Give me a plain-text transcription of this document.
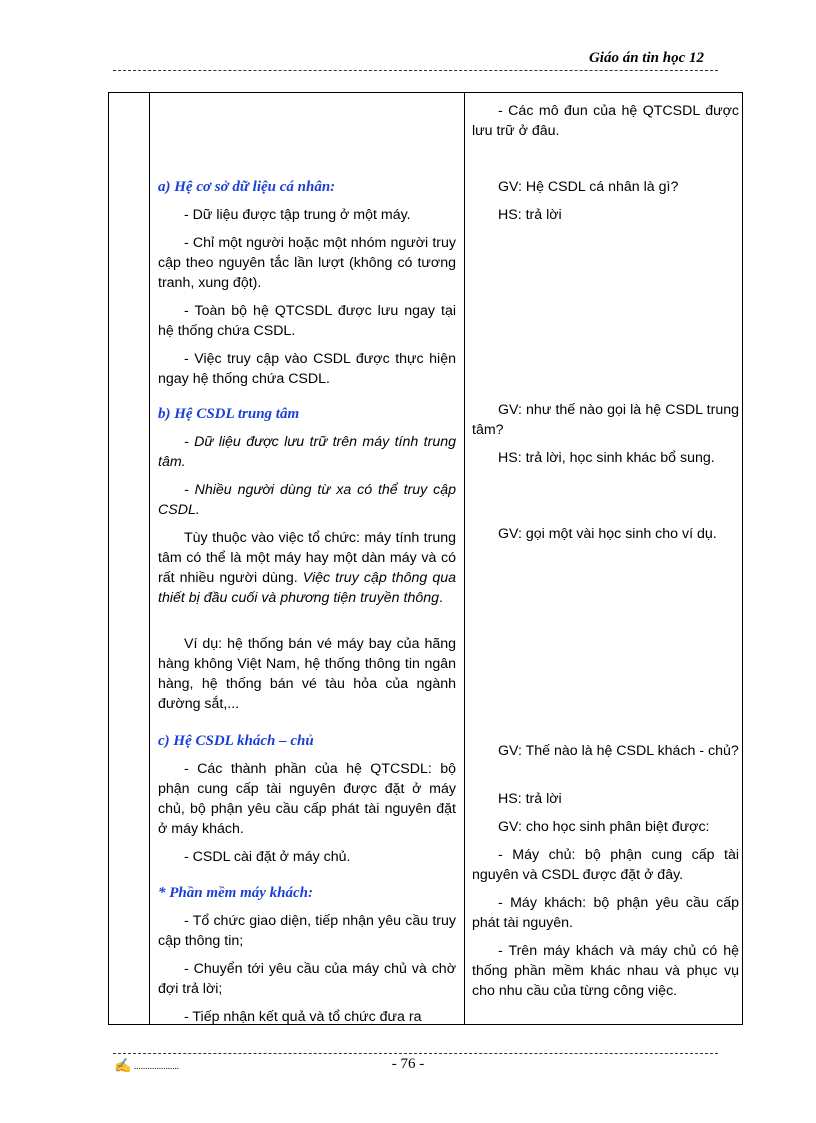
Giáo án tin học 12

a) Hệ cơ sở dữ liệu cá nhân:

- Dữ liệu được tập trung ở một máy.

- Chỉ một người hoặc một nhóm người truy cập theo nguyên tắc lần lượt (không có tương tranh, xung đột).

- Toàn bộ hệ QTCSDL được lưu ngay tại hệ thống chứa CSDL.

- Việc truy cập vào CSDL được thực hiện ngay hệ thống chứa CSDL.

b) Hệ CSDL trung tâm

- Dữ liệu được lưu trữ trên máy tính trung tâm.

- Nhiều người dùng từ xa có thể truy cập CSDL.

Tùy thuộc vào việc tổ chức: máy tính trung tâm có thể là một máy hay một dàn máy và có rất nhiều người dùng. Việc truy cập thông qua thiết bị đầu cuối và phương tiện truyền thông.

Ví dụ: hệ thống bán vé máy bay của hãng hàng không Việt Nam, hệ thống thông tin ngân hàng, hệ thống bán vé tàu hỏa của ngành đường sắt,...

c) Hệ CSDL khách – chủ

- Các thành phần của hệ QTCSDL: bộ phận cung cấp tài nguyên được đặt ở máy chủ, bộ phận yêu cầu cấp phát tài nguyên đặt ở máy khách.

- CSDL cài đặt ở máy chủ.

* Phần mềm máy khách:

- Tổ chức giao diện, tiếp nhận yêu cầu truy cập thông tin;

- Chuyển tới yêu cầu của máy chủ và chờ đợi trả lời;

- Tiếp nhận kết quả và tổ chức đưa ra

- Các mô đun của hệ QTCSDL được lưu trữ ở đâu.

GV: Hệ CSDL cá nhân là gì?

HS: trả lời

GV: như thế nào gọi là hệ CSDL trung tâm?

HS: trả lời, học sinh khác bổ sung.

GV: gọi một vài học sinh cho ví dụ.

GV: Thế nào là hệ CSDL khách - chủ?

HS: trả lời

GV: cho học sinh phân biệt được:

- Máy chủ: bộ phận cung cấp tài nguyên và CSDL được đặt ở đây.

- Máy khách: bộ phận yêu cầu cấp phát tài nguyên.

- Trên máy khách và máy chủ có hệ thống phần mềm khác nhau và phục vụ cho nhu cầu của từng công việc.

✍ ....................	- 76 -
